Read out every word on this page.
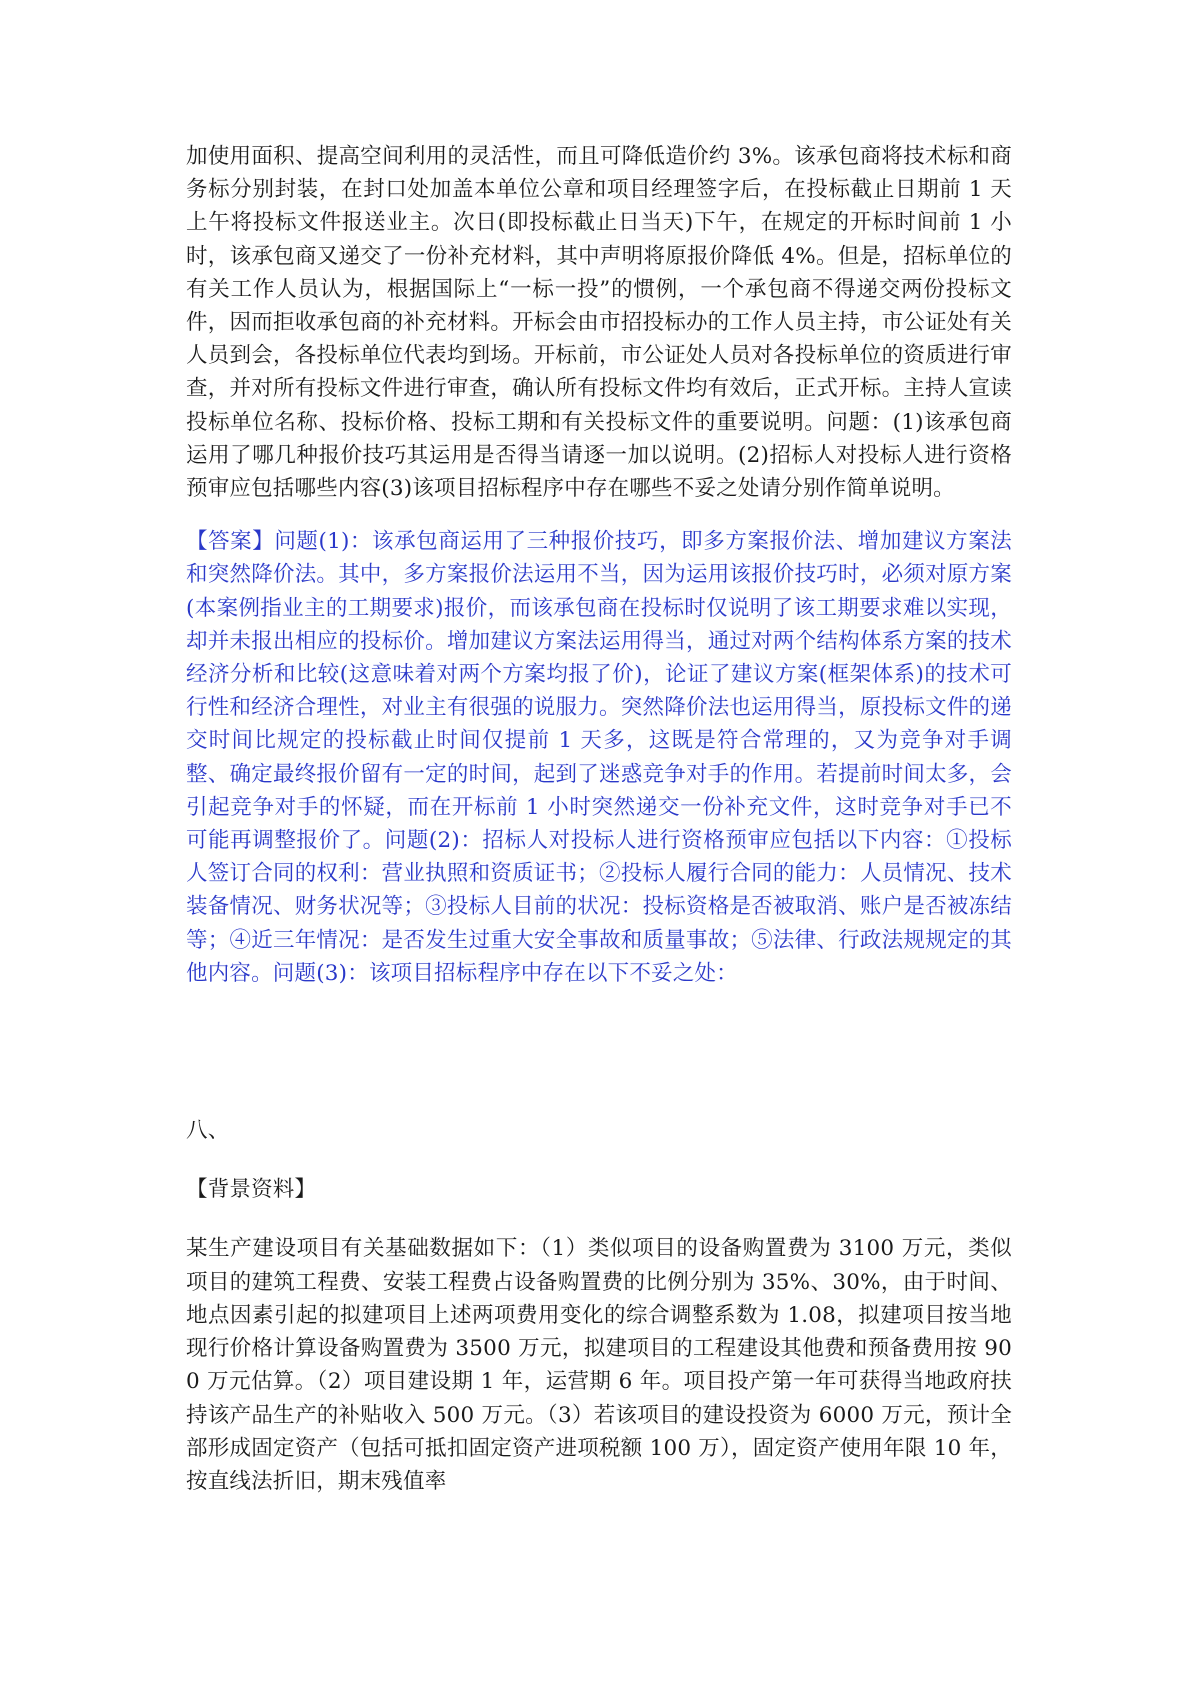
加使用面积、提高空间利用的灵活性，而且可降低造价约 3%。该承包商将技术标和商务标分别封装，在封口处加盖本单位公章和项目经理签字后，在投标截止日期前 1 天上午将投标文件报送业主。次日(即投标截止日当天)下午，在规定的开标时间前 1 小时，该承包商又递交了一份补充材料，其中声明将原报价降低 4%。但是，招标单位的有关工作人员认为，根据国际上“一标一投”的惯例，一个承包商不得递交两份投标文件，因而拒收承包商的补充材料。开标会由市招投标办的工作人员主持，市公证处有关人员到会，各投标单位代表均到场。开标前，市公证处人员对各投标单位的资质进行审查，并对所有投标文件进行审查，确认所有投标文件均有效后，正式开标。主持人宣读投标单位名称、投标价格、投标工期和有关投标文件的重要说明。问题：(1)该承包商运用了哪几种报价技巧其运用是否得当请逐一加以说明。(2)招标人对投标人进行资格预审应包括哪些内容(3)该项目招标程序中存在哪些不妥之处请分别作简单说明。

【答案】问题(1)：该承包商运用了三种报价技巧，即多方案报价法、增加建议方案法和突然降价法。其中，多方案报价法运用不当，因为运用该报价技巧时，必须对原方案(本案例指业主的工期要求)报价，而该承包商在投标时仅说明了该工期要求难以实现，却并未报出相应的投标价。增加建议方案法运用得当，通过对两个结构体系方案的技术经济分析和比较(这意味着对两个方案均报了价)，论证了建议方案(框架体系)的技术可行性和经济合理性，对业主有很强的说服力。突然降价法也运用得当，原投标文件的递交时间比规定的投标截止时间仅提前 1 天多，这既是符合常理的，又为竞争对手调整、确定最终报价留有一定的时间，起到了迷惑竞争对手的作用。若提前时间太多，会引起竞争对手的怀疑，而在开标前 1 小时突然递交一份补充文件，这时竞争对手已不可能再调整报价了。问题(2)：招标人对投标人进行资格预审应包括以下内容：①投标人签订合同的权利：营业执照和资质证书；②投标人履行合同的能力：人员情况、技术装备情况、财务状况等；③投标人目前的状况：投标资格是否被取消、账户是否被冻结等；④近三年情况：是否发生过重大安全事故和质量事故；⑤法律、行政法规规定的其他内容。问题(3)：该项目招标程序中存在以下不妥之处：

八、

【背景资料】

某生产建设项目有关基础数据如下：（1）类似项目的设备购置费为 3100 万元，类似项目的建筑工程费、安装工程费占设备购置费的比例分别为 35%、30%，由于时间、地点因素引起的拟建项目上述两项费用变化的综合调整系数为 1.08，拟建项目按当地现行价格计算设备购置费为 3500 万元，拟建项目的工程建设其他费和预备费用按 900 万元估算。（2）项目建设期 1 年，运营期 6 年。项目投产第一年可获得当地政府扶持该产品生产的补贴收入 500 万元。（3）若该项目的建设投资为 6000 万元，预计全部形成固定资产（包括可抵扣固定资产进项税额 100 万），固定资产使用年限 10 年，按直线法折旧，期末残值率
